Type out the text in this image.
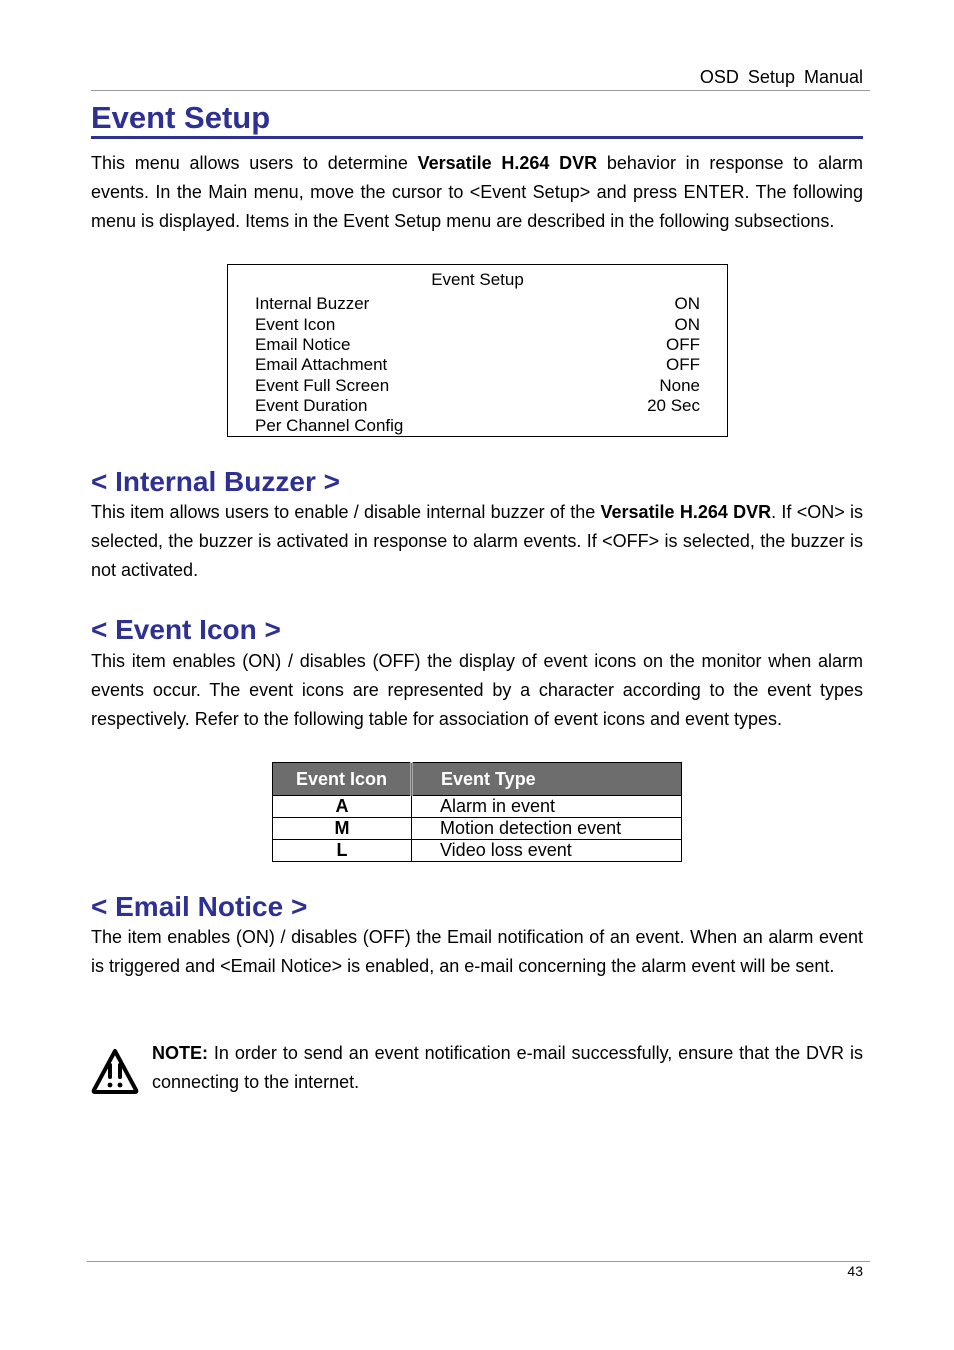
OSD Setup Manual
Event Setup

This menu allows users to determine Versatile H.264 DVR behavior in response to alarm events. In the Main menu, move the cursor to <Event Setup> and press ENTER. The following menu is displayed. Items in the Event Setup menu are described in the following subsections.

Event Setup
Internal Buzzer	ON
Event Icon	ON
Email Notice	OFF
Email Attachment	OFF
Event Full Screen	None
Event Duration	20 Sec
Per Channel Config
< Internal Buzzer >

This item allows users to enable / disable internal buzzer of the Versatile H.264 DVR. If <ON> is selected, the buzzer is activated in response to alarm events. If <OFF> is selected, the buzzer is not activated.

< Event Icon >

This item enables (ON) / disables (OFF) the display of event icons on the monitor when alarm events occur. The event icons are represented by a character according to the event types respectively. Refer to the following table for association of event icons and event types.

Event Icon	Event Type
A	Alarm in event
M	Motion detection event
L	Video loss event
< Email Notice >

The item enables (ON) / disables (OFF) the Email notification of an event. When an alarm event is triggered and <Email Notice> is enabled, an e-mail concerning the alarm event will be sent.

NOTE: In order to send an event notification e-mail successfully, ensure that the DVR is connecting to the internet.

43
